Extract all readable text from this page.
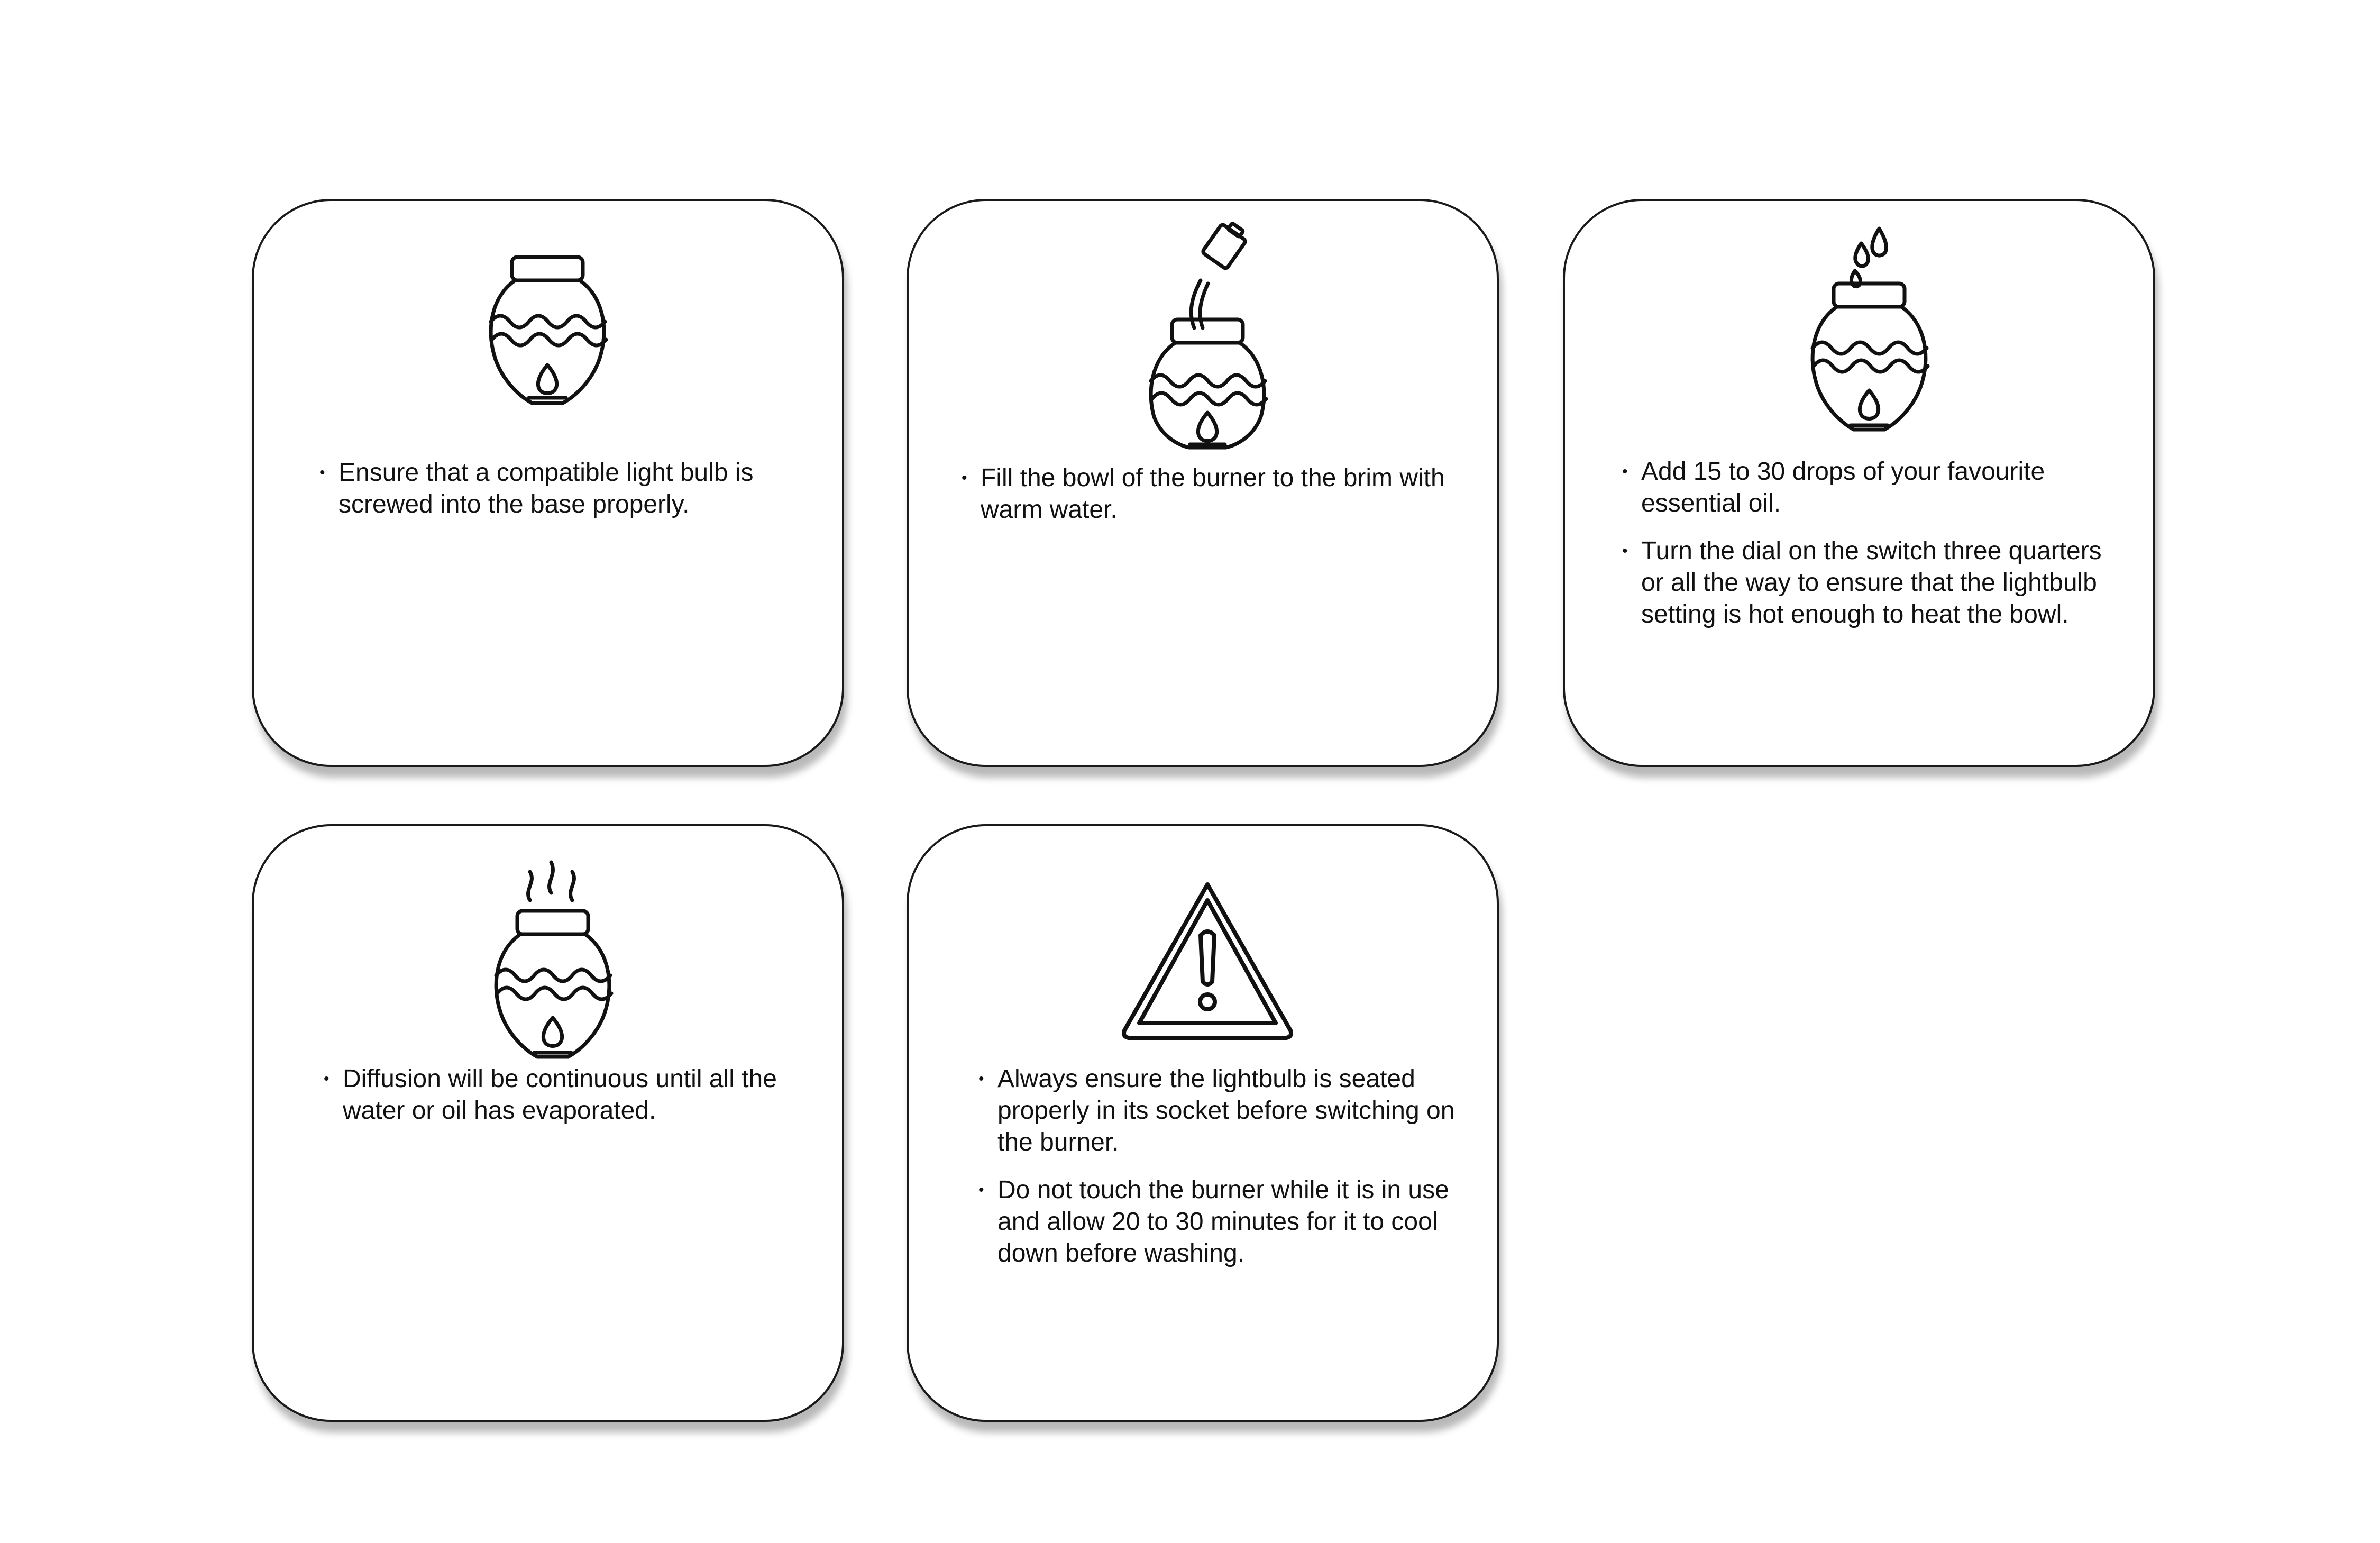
• Ensure that a compatible light bulb is screwed into the base properly.
• Fill the bowl of the burner to the brim with warm water.
• Add 15 to 30 drops of your favourite essential oil.
• Turn the dial on the switch three quarters or all the way to ensure that the lightbulb setting is hot enough to heat the bowl.
• Diffusion will be continuous until all the water or oil has evaporated.
• Always ensure the lightbulb is seated properly in its socket before switching on the burner.
• Do not touch the burner while it is in use and allow 20 to 30 minutes for it to cool down before washing.
